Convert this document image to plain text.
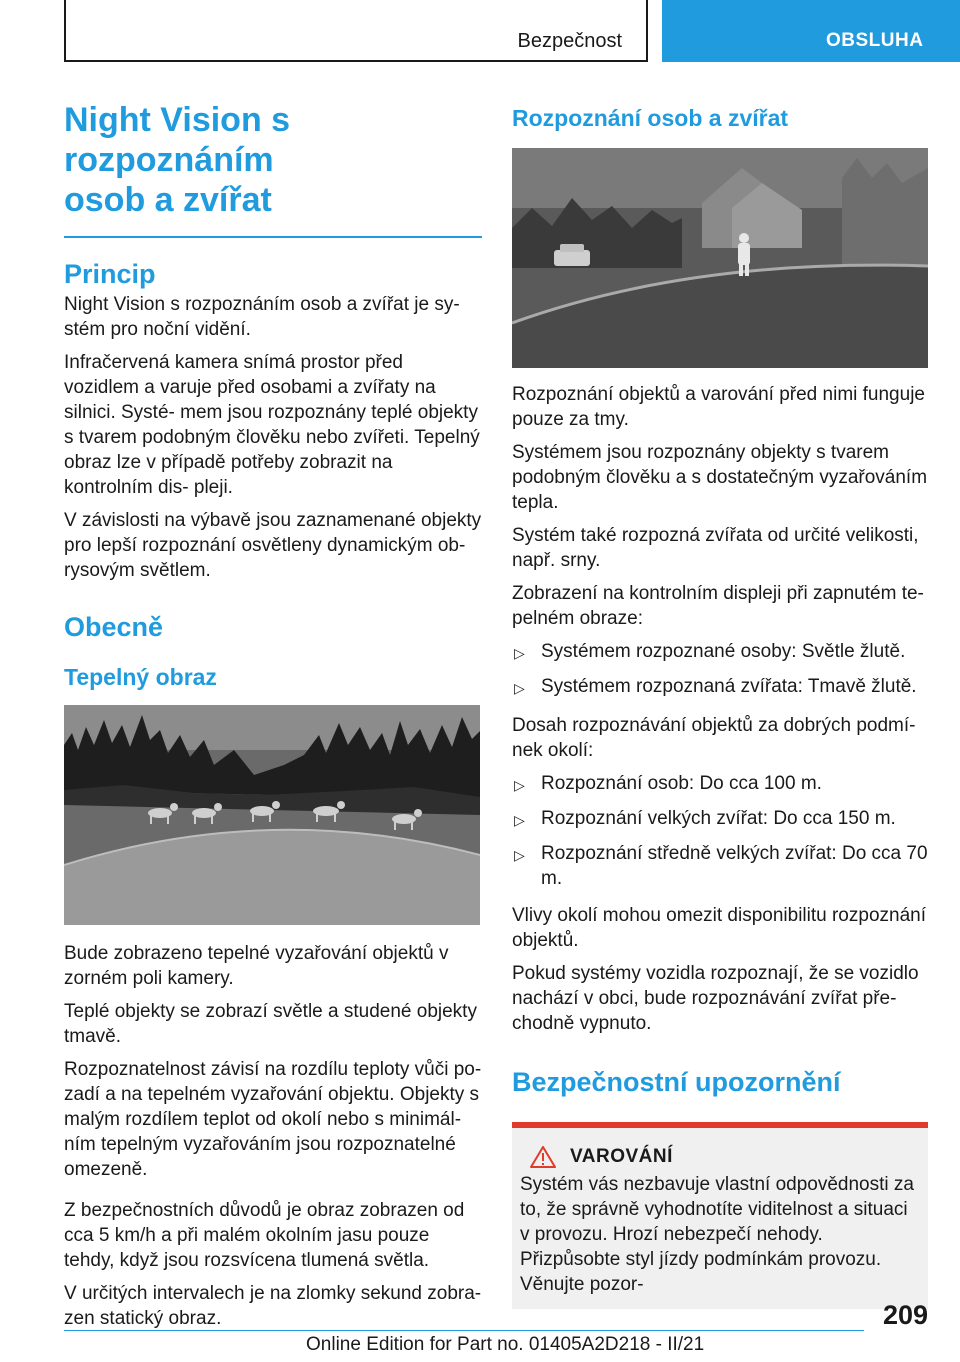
Bezpečnost	OBSLUHA
Night Vision s rozpoznáním
osob a zvířat
Princip

Night Vision s rozpoznáním osob a zvířat je sy‐ stém pro noční vidění.

Infračervená kamera snímá prostor před vozidlem a varuje před osobami a zvířaty na silnici. Systé‐ mem jsou rozpoznány teplé objekty s tvarem podobným člověku nebo zvířeti. Tepelný obraz lze v případě potřeby zobrazit na kontrolním dis‐ pleji.

V závislosti na výbavě jsou zaznamenané objekty pro lepší rozpoznání osvětleny dynamickým ob‐ rysovým světlem.

Obecně
Tepelný obraz

Bude zobrazeno tepelné vyzařování objektů v zorném poli kamery.

Teplé objekty se zobrazí světle a studené objekty tmavě.

Rozpoznatelnost závisí na rozdílu teploty vůči po‐ zadí a na tepelném vyzařování objektu. Objekty s malým rozdílem teplot od okolí nebo s minimál‐ ním tepelným vyzařováním jsou rozpoznatelné omezeně.

Z bezpečnostních důvodů je obraz zobrazen od cca 5 km/h a při malém okolním jasu pouze tehdy, když jsou rozsvícena tlumená světla.

V určitých intervalech je na zlomky sekund zobra‐ zen statický obraz.

Rozpoznání osob a zvířat

Rozpoznání objektů a varování před nimi funguje pouze za tmy.

Systémem jsou rozpoznány objekty s tvarem podobným člověku a s dostatečným vyzařováním tepla.

Systém také rozpozná zvířata od určité velikosti, např. srny.

Zobrazení na kontrolním displeji při zapnutém te‐ pelném obraze:

▷ Systémem rozpoznané osoby: Světle žlutě.
▷ Systémem rozpoznaná zvířata: Tmavě žlutě.

Dosah rozpoznávání objektů za dobrých podmí‐ nek okolí:

▷ Rozpoznání osob: Do cca 100 m.
▷ Rozpoznání velkých zvířat: Do cca 150 m.
▷ Rozpoznání středně velkých zvířat: Do cca 70 m.

Vlivy okolí mohou omezit disponibilitu rozpoznání objektů.

Pokud systémy vozidla rozpoznají, že se vozidlo nachází v obci, bude rozpoznávání zvířat pře‐ chodně vypnuto.

Bezpečnostní upozornění
VAROVÁNÍ

Systém vás nezbavuje vlastní odpovědnosti za to, že správně vyhodnotíte viditelnost a situaci v provozu. Hrozí nebezpečí nehody. Přizpůsobte styl jízdy podmínkám provozu. Věnujte pozor‐

209
Online Edition for Part no. 01405A2D218 - II/21
